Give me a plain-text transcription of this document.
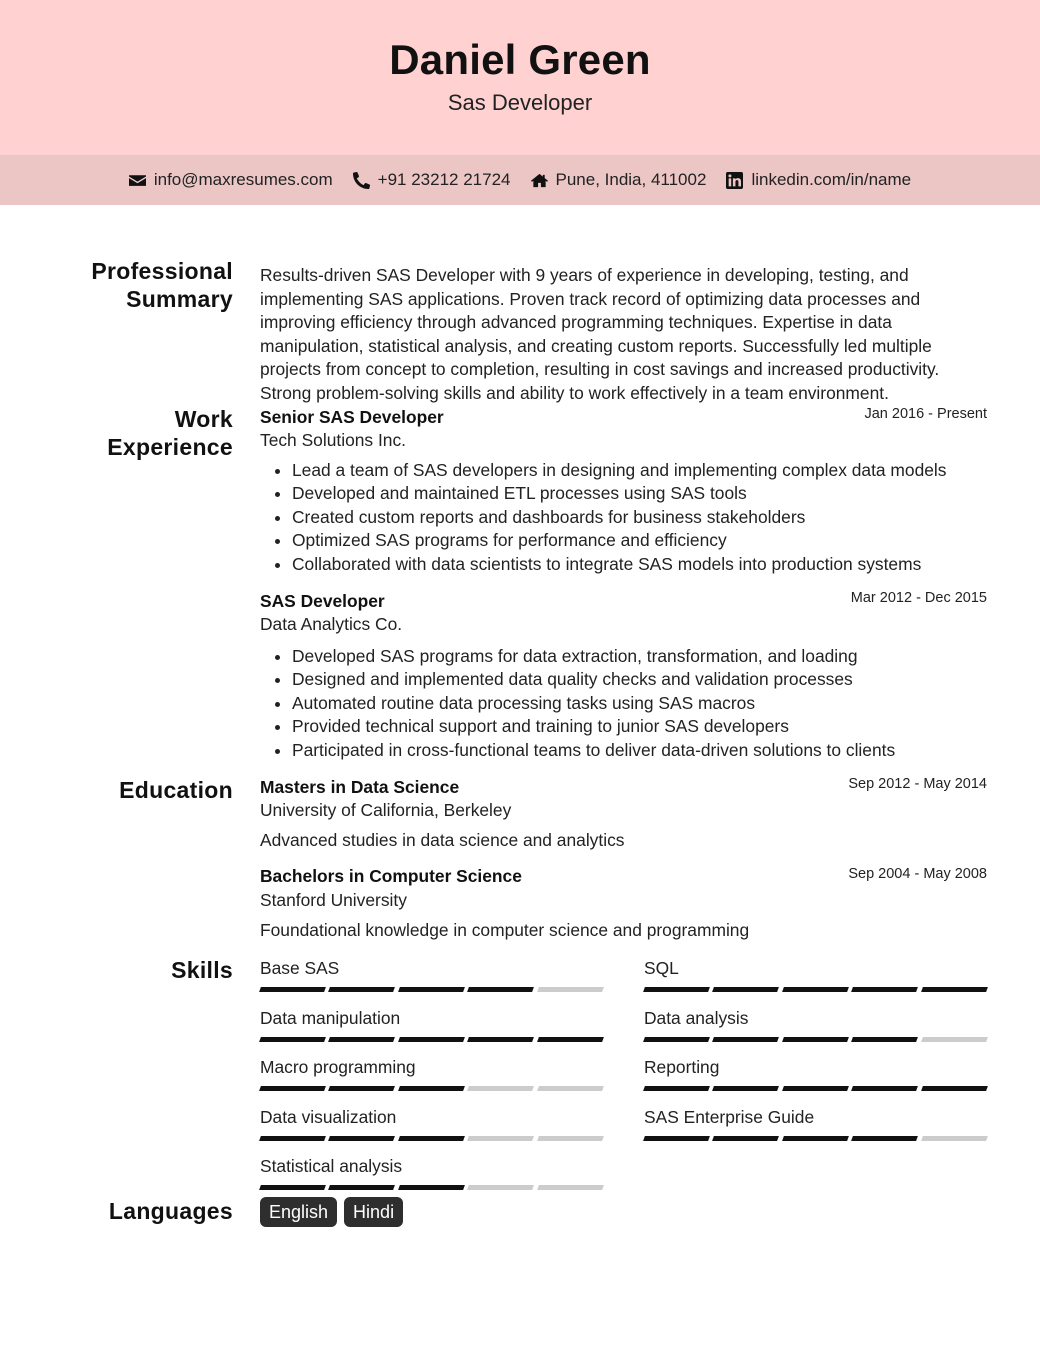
Daniel Green
Sas Developer
info@maxresumes.com	+91 23212 21724	Pune, India, 411002	linkedin.com/in/name
Professional
Summary
Results-driven SAS Developer with 9 years of experience in developing, testing, and implementing SAS applications. Proven track record of optimizing data processes and improving efficiency through advanced programming techniques. Expertise in data manipulation, statistical analysis, and creating custom reports. Successfully led multiple projects from concept to completion, resulting in cost savings and increased productivity. Strong problem-solving skills and ability to work effectively in a team environment.
Work
Experience
Senior SAS Developer	Jan 2016 - Present
Tech Solutions Inc.
• Lead a team of SAS developers in designing and implementing complex data models
• Developed and maintained ETL processes using SAS tools
• Created custom reports and dashboards for business stakeholders
• Optimized SAS programs for performance and efficiency
• Collaborated with data scientists to integrate SAS models into production systems
SAS Developer	Mar 2012 - Dec 2015
Data Analytics Co.
• Developed SAS programs for data extraction, transformation, and loading
• Designed and implemented data quality checks and validation processes
• Automated routine data processing tasks using SAS macros
• Provided technical support and training to junior SAS developers
• Participated in cross-functional teams to deliver data-driven solutions to clients
Education Masters in Data Science	Sep 2012 - May 2014
University of California, Berkeley
Advanced studies in data science and analytics
Bachelors in Computer Science	Sep 2004 - May 2008
Stanford University
Foundational knowledge in computer science and programming
Skills Base SAS	SQL
Data manipulation	Data analysis
Macro programming	Reporting
Data visualization	SAS Enterprise Guide
Statistical analysis
Languages	English	Hindi
